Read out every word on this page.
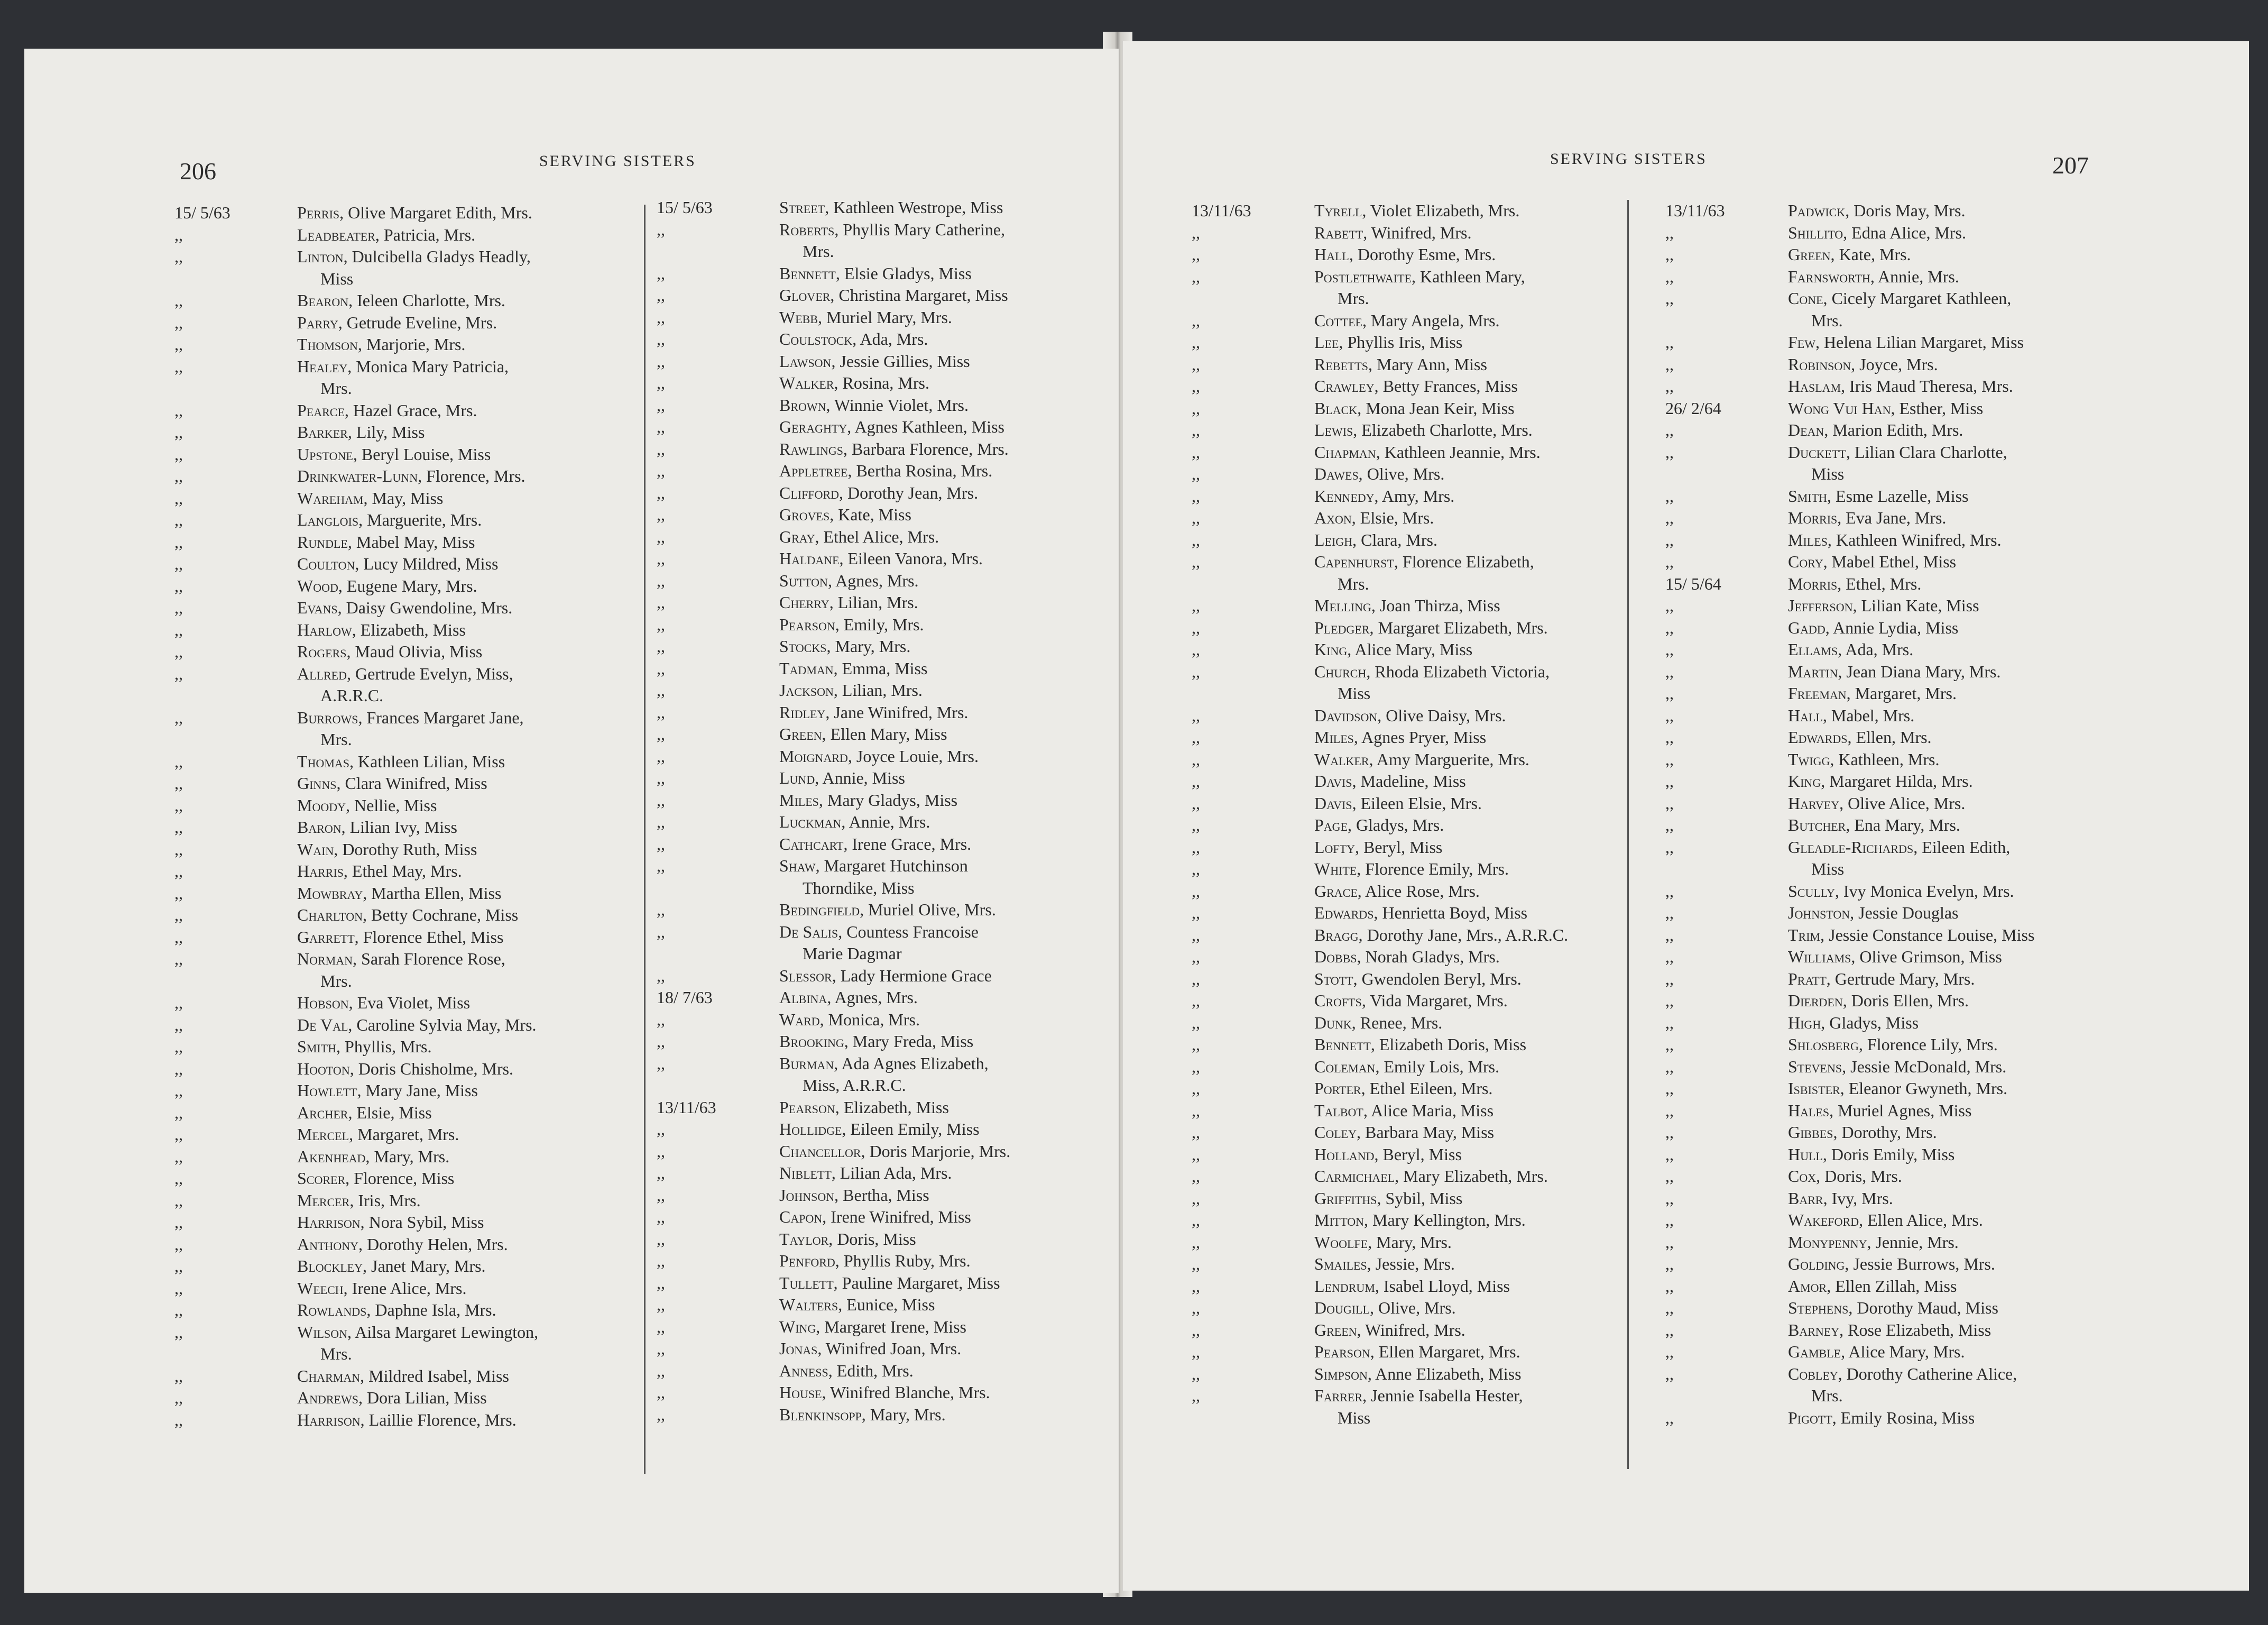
206	SERVING SISTERS
15/ 5/63	Perris, Olive Margaret Edith, Mrs.
,,	Leadbeater, Patricia, Mrs.
,,	Linton, Dulcibella Gladys Headly,
Miss
,,	Bearon, Ieleen Charlotte, Mrs.
,,	Parry, Getrude Eveline, Mrs.
,,	Thomson, Marjorie, Mrs.
,,	Healey, Monica Mary Patricia,
Mrs.
,,	Pearce, Hazel Grace, Mrs.
,,	Barker, Lily, Miss
,,	Upstone, Beryl Louise, Miss
,,	Drinkwater-Lunn, Florence, Mrs.
,,	Wareham, May, Miss
,,	Langlois, Marguerite, Mrs.
,,	Rundle, Mabel May, Miss
,,	Coulton, Lucy Mildred, Miss
,,	Wood, Eugene Mary, Mrs.
,,	Evans, Daisy Gwendoline, Mrs.
,,	Harlow, Elizabeth, Miss
,,	Rogers, Maud Olivia, Miss
,,	Allred, Gertrude Evelyn, Miss,
A.R.R.C.
,,	Burrows, Frances Margaret Jane,
Mrs.
,,	Thomas, Kathleen Lilian, Miss
,,	Ginns, Clara Winifred, Miss
,,	Moody, Nellie, Miss
,,	Baron, Lilian Ivy, Miss
,,	Wain, Dorothy Ruth, Miss
,,	Harris, Ethel May, Mrs.
,,	Mowbray, Martha Ellen, Miss
,,	Charlton, Betty Cochrane, Miss
,,	Garrett, Florence Ethel, Miss
,,	Norman, Sarah Florence Rose,
Mrs.
,,	Hobson, Eva Violet, Miss
,,	De Val, Caroline Sylvia May, Mrs.
,,	Smith, Phyllis, Mrs.
,,	Hooton, Doris Chisholme, Mrs.
,,	Howlett, Mary Jane, Miss
,,	Archer, Elsie, Miss
,,	Mercel, Margaret, Mrs.
,,	Akenhead, Mary, Mrs.
,,	Scorer, Florence, Miss
,,	Mercer, Iris, Mrs.
,,	Harrison, Nora Sybil, Miss
,,	Anthony, Dorothy Helen, Mrs.
,,	Blockley, Janet Mary, Mrs.
,,	Weech, Irene Alice, Mrs.
,,	Rowlands, Daphne Isla, Mrs.
,,	Wilson, Ailsa Margaret Lewington,
Mrs.
,,	Charman, Mildred Isabel, Miss
,,	Andrews, Dora Lilian, Miss
,,	Harrison, Laillie Florence, Mrs.
15/ 5/63	Street, Kathleen Westrope, Miss
,,	Roberts, Phyllis Mary Catherine,
Mrs.
,,	Bennett, Elsie Gladys, Miss
,,	Glover, Christina Margaret, Miss
,,	Webb, Muriel Mary, Mrs.
,,	Coulstock, Ada, Mrs.
,,	Lawson, Jessie Gillies, Miss
,,	Walker, Rosina, Mrs.
,,	Brown, Winnie Violet, Mrs.
,,	Geraghty, Agnes Kathleen, Miss
,,	Rawlings, Barbara Florence, Mrs.
,,	Appletree, Bertha Rosina, Mrs.
,,	Clifford, Dorothy Jean, Mrs.
,,	Groves, Kate, Miss
,,	Gray, Ethel Alice, Mrs.
,,	Haldane, Eileen Vanora, Mrs.
,,	Sutton, Agnes, Mrs.
,,	Cherry, Lilian, Mrs.
,,	Pearson, Emily, Mrs.
,,	Stocks, Mary, Mrs.
,,	Tadman, Emma, Miss
,,	Jackson, Lilian, Mrs.
,,	Ridley, Jane Winifred, Mrs.
,,	Green, Ellen Mary, Miss
,,	Moignard, Joyce Louie, Mrs.
,,	Lund, Annie, Miss
,,	Miles, Mary Gladys, Miss
,,	Luckman, Annie, Mrs.
,,	Cathcart, Irene Grace, Mrs.
,,	Shaw, Margaret Hutchinson
Thorndike, Miss
,,	Bedingfield, Muriel Olive, Mrs.
,,	De Salis, Countess Francoise
Marie Dagmar
,,	Slessor, Lady Hermione Grace
18/ 7/63	Albina, Agnes, Mrs.
,,	Ward, Monica, Mrs.
,,	Brooking, Mary Freda, Miss
,,	Burman, Ada Agnes Elizabeth,
Miss, A.R.R.C.
13/11/63	Pearson, Elizabeth, Miss
,,	Hollidge, Eileen Emily, Miss
,,	Chancellor, Doris Marjorie, Mrs.
,,	Niblett, Lilian Ada, Mrs.
,,	Johnson, Bertha, Miss
,,	Capon, Irene Winifred, Miss
,,	Taylor, Doris, Miss
,,	Penford, Phyllis Ruby, Mrs.
,,	Tullett, Pauline Margaret, Miss
,,	Walters, Eunice, Miss
,,	Wing, Margaret Irene, Miss
,,	Jonas, Winifred Joan, Mrs.
,,	Anness, Edith, Mrs.
,,	House, Winifred Blanche, Mrs.
,,	Blenkinsopp, Mary, Mrs.
SERVING SISTERS	207
13/11/63	Tyrell, Violet Elizabeth, Mrs.
,,	Rabett, Winifred, Mrs.
,,	Hall, Dorothy Esme, Mrs.
,,	Postlethwaite, Kathleen Mary,
Mrs.
,,	Cottee, Mary Angela, Mrs.
,,	Lee, Phyllis Iris, Miss
,,	Rebetts, Mary Ann, Miss
,,	Crawley, Betty Frances, Miss
,,	Black, Mona Jean Keir, Miss
,,	Lewis, Elizabeth Charlotte, Mrs.
,,	Chapman, Kathleen Jeannie, Mrs.
,,	Dawes, Olive, Mrs.
,,	Kennedy, Amy, Mrs.
,,	Axon, Elsie, Mrs.
,,	Leigh, Clara, Mrs.
,,	Capenhurst, Florence Elizabeth,
Mrs.
,,	Melling, Joan Thirza, Miss
,,	Pledger, Margaret Elizabeth, Mrs.
,,	King, Alice Mary, Miss
,,	Church, Rhoda Elizabeth Victoria,
Miss
,,	Davidson, Olive Daisy, Mrs.
,,	Miles, Agnes Pryer, Miss
,,	Walker, Amy Marguerite, Mrs.
,,	Davis, Madeline, Miss
,,	Davis, Eileen Elsie, Mrs.
,,	Page, Gladys, Mrs.
,,	Lofty, Beryl, Miss
,,	White, Florence Emily, Mrs.
,,	Grace, Alice Rose, Mrs.
,,	Edwards, Henrietta Boyd, Miss
,,	Bragg, Dorothy Jane, Mrs., A.R.R.C.
,,	Dobbs, Norah Gladys, Mrs.
,,	Stott, Gwendolen Beryl, Mrs.
,,	Crofts, Vida Margaret, Mrs.
,,	Dunk, Renee, Mrs.
,,	Bennett, Elizabeth Doris, Miss
,,	Coleman, Emily Lois, Mrs.
,,	Porter, Ethel Eileen, Mrs.
,,	Talbot, Alice Maria, Miss
,,	Coley, Barbara May, Miss
,,	Holland, Beryl, Miss
,,	Carmichael, Mary Elizabeth, Mrs.
,,	Griffiths, Sybil, Miss
,,	Mitton, Mary Kellington, Mrs.
,,	Woolfe, Mary, Mrs.
,,	Smailes, Jessie, Mrs.
,,	Lendrum, Isabel Lloyd, Miss
,,	Dougill, Olive, Mrs.
,,	Green, Winifred, Mrs.
,,	Pearson, Ellen Margaret, Mrs.
,,	Simpson, Anne Elizabeth, Miss
,,	Farrer, Jennie Isabella Hester,
Miss
13/11/63	Padwick, Doris May, Mrs.
,,	Shillito, Edna Alice, Mrs.
,,	Green, Kate, Mrs.
,,	Farnsworth, Annie, Mrs.
,,	Cone, Cicely Margaret Kathleen,
Mrs.
,,	Few, Helena Lilian Margaret, Miss
,,	Robinson, Joyce, Mrs.
,,	Haslam, Iris Maud Theresa, Mrs.
26/ 2/64	Wong Vui Han, Esther, Miss
,,	Dean, Marion Edith, Mrs.
,,	Duckett, Lilian Clara Charlotte,
Miss
,,	Smith, Esme Lazelle, Miss
,,	Morris, Eva Jane, Mrs.
,,	Miles, Kathleen Winifred, Mrs.
,,	Cory, Mabel Ethel, Miss
15/ 5/64	Morris, Ethel, Mrs.
,,	Jefferson, Lilian Kate, Miss
,,	Gadd, Annie Lydia, Miss
,,	Ellams, Ada, Mrs.
,,	Martin, Jean Diana Mary, Mrs.
,,	Freeman, Margaret, Mrs.
,,	Hall, Mabel, Mrs.
,,	Edwards, Ellen, Mrs.
,,	Twigg, Kathleen, Mrs.
,,	King, Margaret Hilda, Mrs.
,,	Harvey, Olive Alice, Mrs.
,,	Butcher, Ena Mary, Mrs.
,,	Gleadle-Richards, Eileen Edith,
Miss
,,	Scully, Ivy Monica Evelyn, Mrs.
,,	Johnston, Jessie Douglas
,,	Trim, Jessie Constance Louise, Miss
,,	Williams, Olive Grimson, Miss
,,	Pratt, Gertrude Mary, Mrs.
,,	Dierden, Doris Ellen, Mrs.
,,	High, Gladys, Miss
,,	Shlosberg, Florence Lily, Mrs.
,,	Stevens, Jessie McDonald, Mrs.
,,	Isbister, Eleanor Gwyneth, Mrs.
,,	Hales, Muriel Agnes, Miss
,,	Gibbes, Dorothy, Mrs.
,,	Hull, Doris Emily, Miss
,,	Cox, Doris, Mrs.
,,	Barr, Ivy, Mrs.
,,	Wakeford, Ellen Alice, Mrs.
,,	Monypenny, Jennie, Mrs.
,,	Golding, Jessie Burrows, Mrs.
,,	Amor, Ellen Zillah, Miss
,,	Stephens, Dorothy Maud, Miss
,,	Barney, Rose Elizabeth, Miss
,,	Gamble, Alice Mary, Mrs.
,,	Cobley, Dorothy Catherine Alice,
Mrs.
,,	Pigott, Emily Rosina, Miss
